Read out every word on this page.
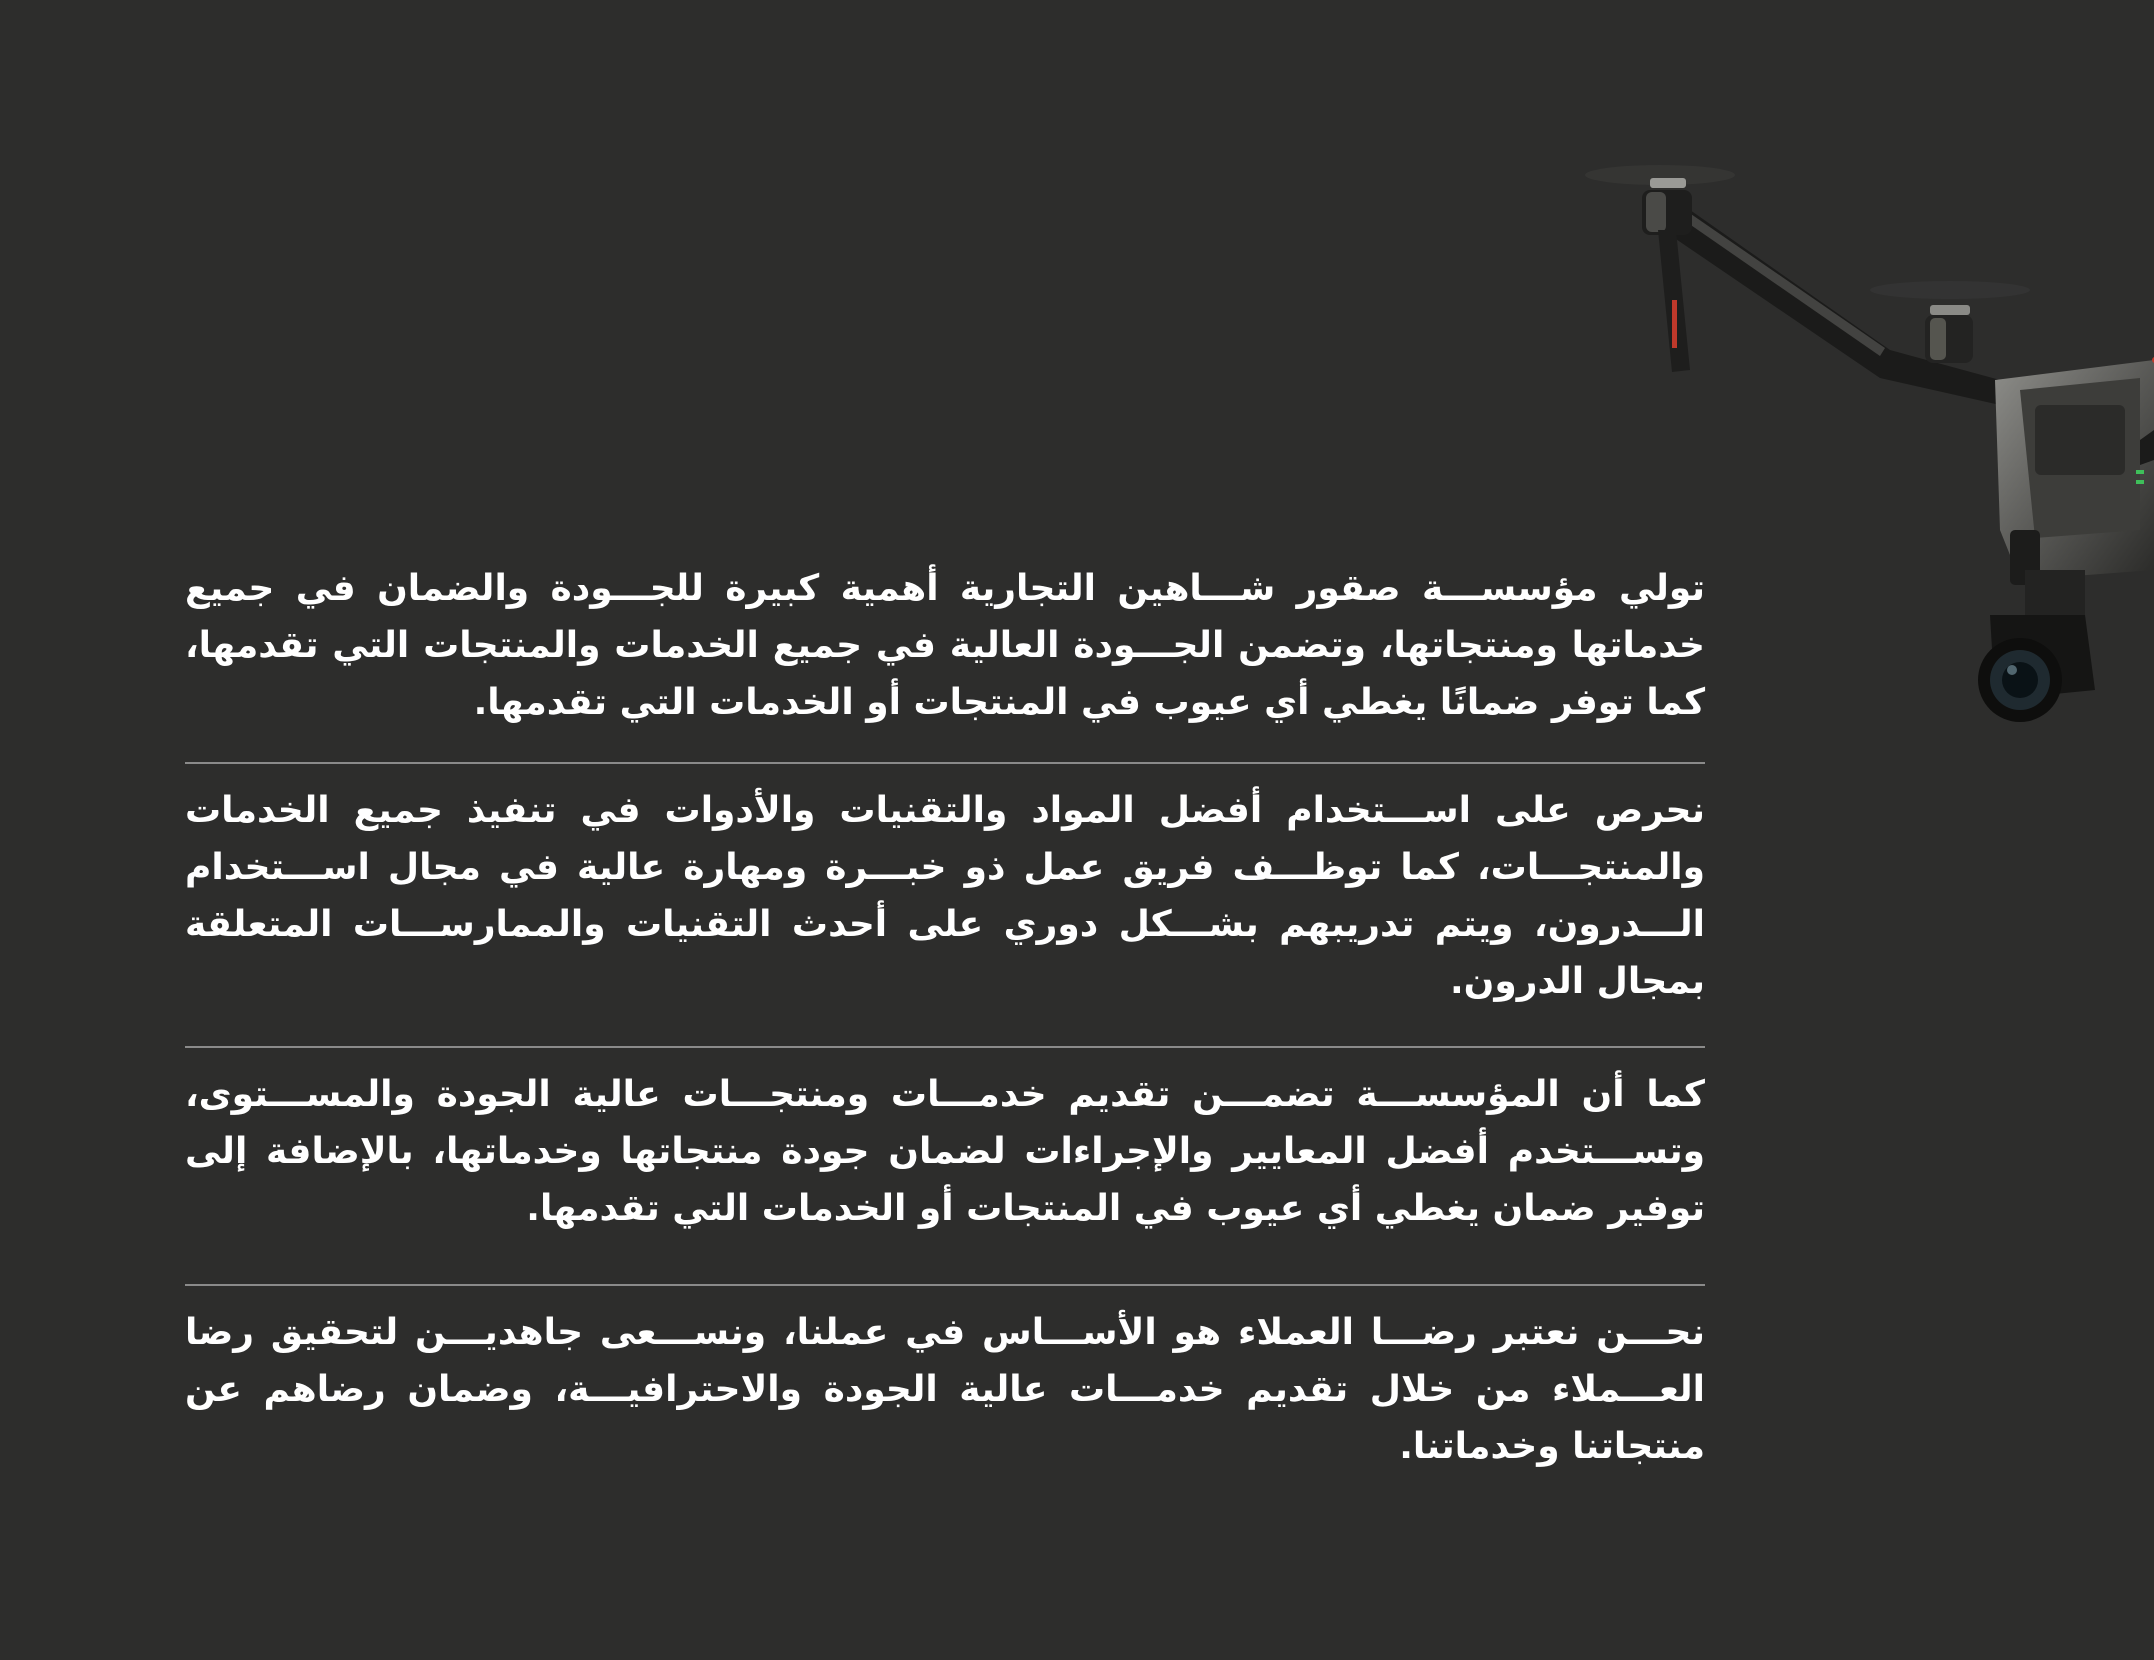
تولي مؤسســـة صقور شـــاهين التجارية أهمية كبيرة للجـــودة والضمان في جميع خدماتها ومنتجاتها، وتضمن الجـــودة العالية في جميع الخدمات والمنتجات التي تقدمها، كما توفر ضمانًا يغطي أي عيوب في المنتجات أو الخدمات التي تقدمها.

نحرص على اســـتخدام أفضل المواد والتقنيات والأدوات في تنفيذ جميع الخدمات والمنتجـــات، كما توظـــف فريق عمل ذو خبـــرة ومهارة عالية في مجال اســـتخدام الـــدرون، ويتم تدريبهم بشـــكل دوري على أحدث التقنيات والممارســـات المتعلقة بمجال الدرون.

كما أن المؤسســـة تضمـــن تقديم خدمـــات ومنتجـــات عالية الجودة والمســـتوى، وتســـتخدم أفضل المعايير والإجراءات لضمان جودة منتجاتها وخدماتها، بالإضافة إلى توفير ضمان يغطي أي عيوب في المنتجات أو الخدمات التي تقدمها.

نحـــن نعتبر رضـــا العملاء هو الأســـاس في عملنا، ونســـعى جاهديـــن لتحقيق رضا العـــملاء من خلال تقديم خدمـــات عالية الجودة والاحترافيـــة، وضمان رضاهم عن منتجاتنا وخدماتنا.
